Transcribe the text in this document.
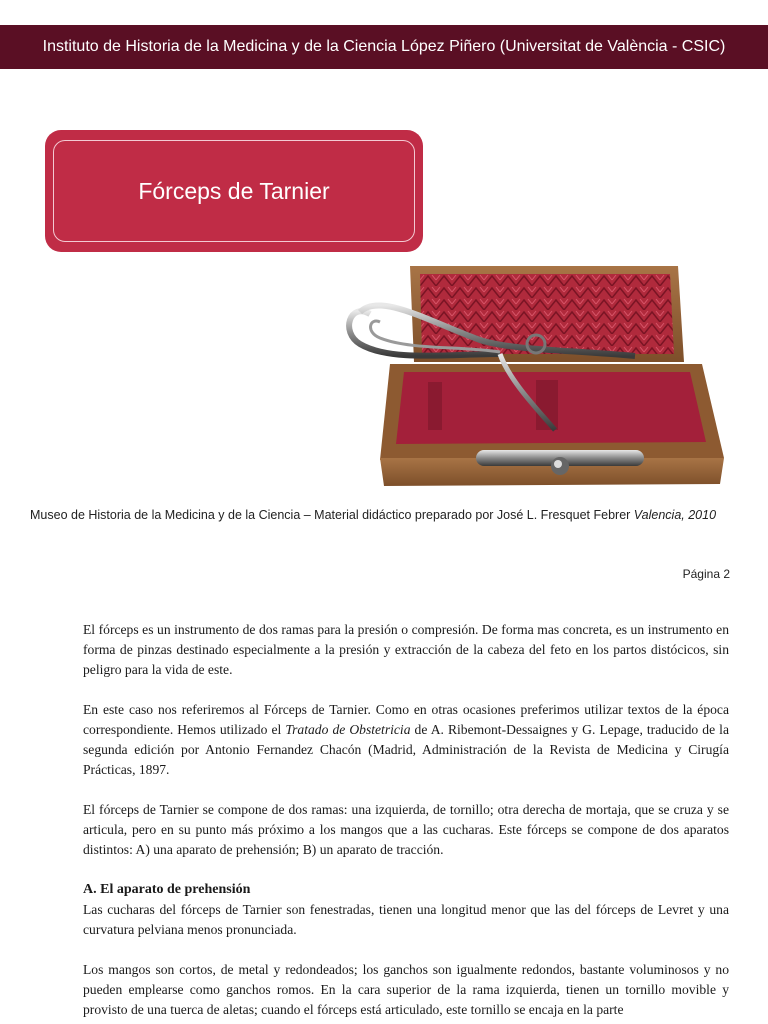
Instituto de Historia de la Medicina y de la Ciencia López Piñero (Universitat de València - CSIC)
Fórceps de Tarnier
Museo de Historia de la Medicina y de la Ciencia – Material didáctico preparado por José L. Fresquet Febrer Valencia, 2010
Página 2

El fórceps es un instrumento de dos ramas para la presión o compresión. De forma mas concreta, es un instrumento en forma de pinzas destinado especialmente a la presión y extracción de la cabeza del feto en los partos distócicos, sin peligro para la vida de este.

En este caso nos referiremos al Fórceps de Tarnier. Como en otras ocasiones preferimos utilizar textos de la época correspondiente. Hemos utilizado el Tratado de Obstetricia de A. Ribemont-Dessaignes y G. Lepage, traducido de la segunda edición por Antonio Fernandez Chacón (Madrid, Administración de la Revista de Medicina y Cirugía Prácticas, 1897.

El fórceps de Tarnier se compone de dos ramas: una izquierda, de tornillo; otra derecha de mortaja, que se cruza y se articula, pero en su punto más próximo a los mangos que a las cucharas. Este fórceps se compone de dos aparatos distintos: A) una aparato de prehensión; B) un aparato de tracción.

A. El aparato de prehensión

Las cucharas del fórceps de Tarnier son fenestradas, tienen una longitud menor que las del fórceps de Levret y una curvatura pelviana menos pronunciada.

Los mangos son cortos, de metal y redondeados; los ganchos son igualmente redondos, bastante voluminosos y no pueden emplearse como ganchos romos. En la cara superior de la rama izquierda, tienen un tornillo movible y provisto de una tuerca de aletas; cuando el fórceps está articulado, este tornillo se encaja en la parte
